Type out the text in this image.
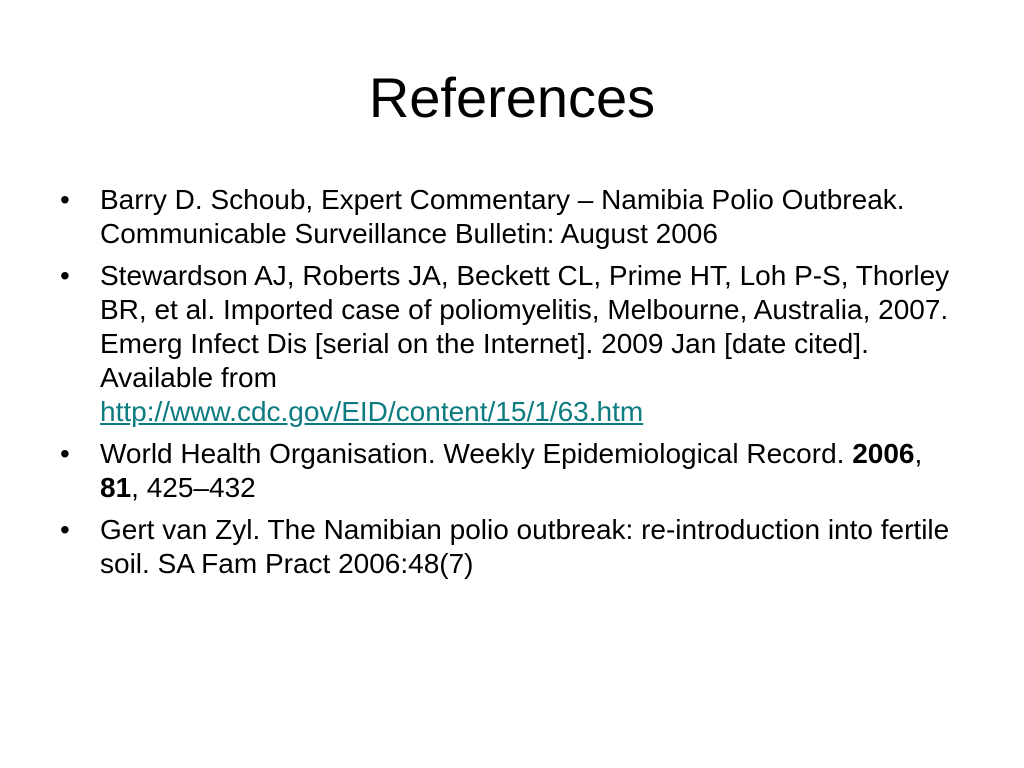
References
•	Barry D. Schoub, Expert Commentary – Namibia Polio Outbreak. Communicable Surveillance Bulletin: August 2006
•	Stewardson AJ, Roberts JA, Beckett CL, Prime HT, Loh P-S, Thorley BR, et al. Imported case of poliomyelitis, Melbourne, Australia, 2007. Emerg Infect Dis [serial on the Internet]. 2009 Jan [date cited]. Available from
http://www.cdc.gov/EID/content/15/1/63.htm
•	World Health Organisation. Weekly Epidemiological Record. 2006, 81, 425–432
•	Gert van Zyl. The Namibian polio outbreak: re-introduction into fertile soil. SA Fam Pract 2006:48(7)
